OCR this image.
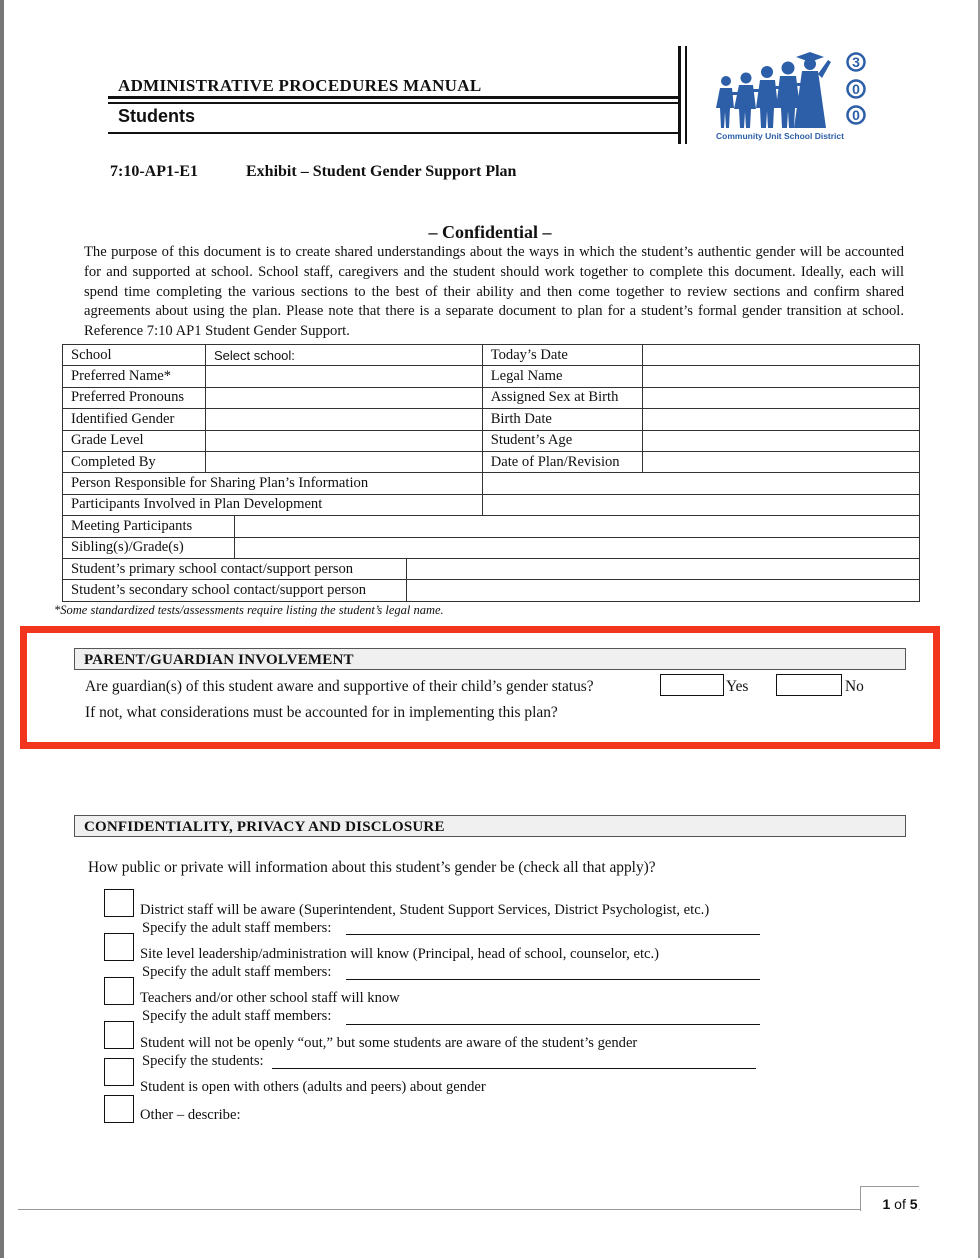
ADMINISTRATIVE PROCEDURES MANUAL
Students
3
0
0
Community Unit School District
7:10-AP1-E1	Exhibit – Student Gender Support Plan
– Confidential –
The purpose of this document is to create shared understandings about the ways in which the student’s authentic gender will be accounted for and supported at school. School staff, caregivers and the student should work together to complete this document. Ideally, each will spend time completing the various sections to the best of their ability and then come together to review sections and confirm shared agreements about using the plan. Please note that there is a separate document to plan for a student’s formal gender transition at school. Reference 7:10 AP1 Student Gender Support.
School	Select school:			Today’s Date	
Preferred Name*				Legal Name	
Preferred Pronouns				Assigned Sex at Birth	
Identified Gender				Birth Date	
Grade Level				Student’s Age	
Completed By				Date of Plan/Revision	
Person Responsible for Sharing Plan’s Information					
Participants Involved in Plan Development					
Meeting Participants					
Sibling(s)/Grade(s)					
Student’s primary school contact/support person					
Student’s secondary school contact/support person					
*Some standardized tests/assessments require listing the student’s legal name.
PARENT/GUARDIAN INVOLVEMENT
Are guardian(s) of this student aware and supportive of their child’s gender status?	Yes	No
If not, what considerations must be accounted for in implementing this plan?
CONFIDENTIALITY, PRIVACY AND DISCLOSURE
How public or private will information about this student’s gender be (check all that apply)?
District staff will be aware (Superintendent, Student Support Services, District Psychologist, etc.)
Specify the adult staff members:
Site level leadership/administration will know (Principal, head of school, counselor, etc.)
Specify the adult staff members:
Teachers and/or other school staff will know
Specify the adult staff members:
Student will not be openly “out,” but some students are aware of the student’s gender
Specify the students:
Student is open with others (adults and peers) about gender
Other – describe:
1 of 5
